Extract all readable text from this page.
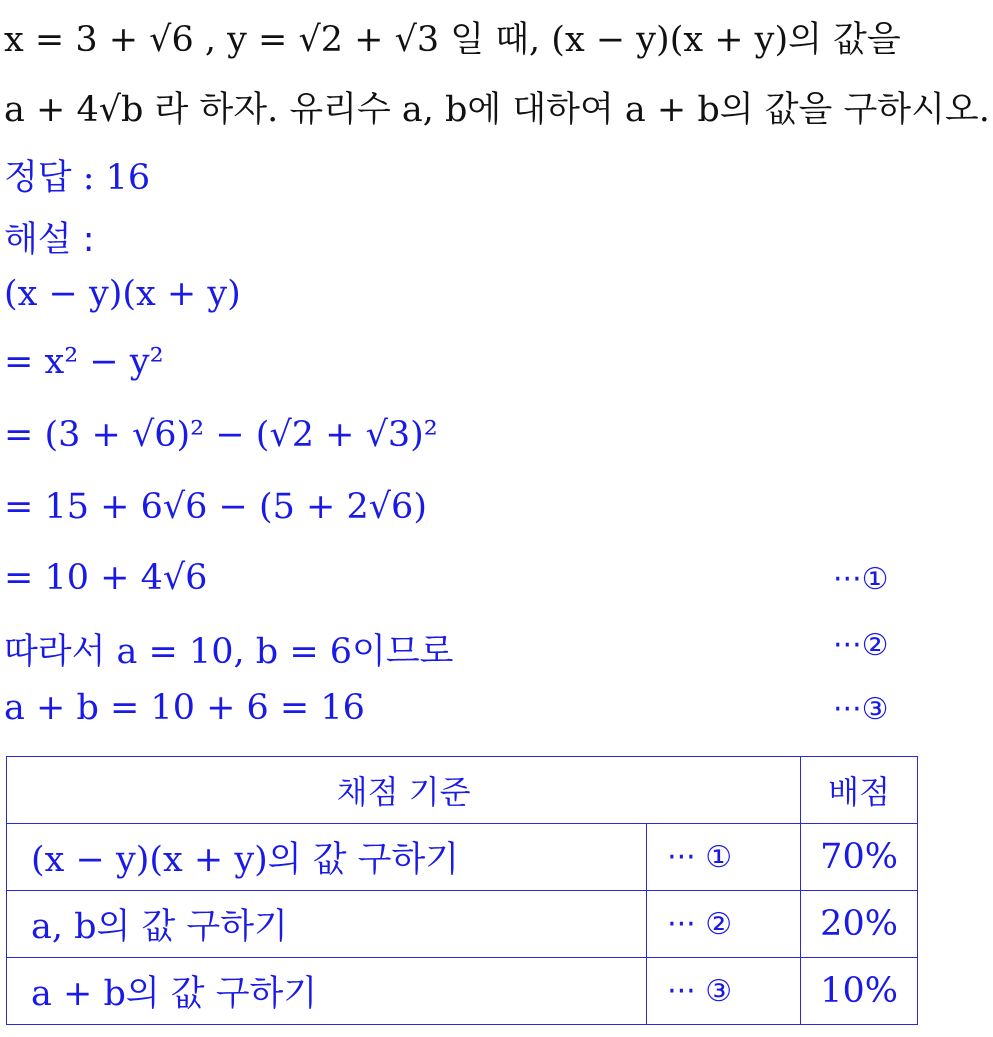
x = 3 + √6 , y = √2 + √3 일 때, (x − y)(x + y)의 값을
a + 4√b 라 하자. 유리수 a, b에 대하여 a + b의 값을 구하시오.
정답 : 16
해설 :
(x − y)(x + y)
= x² − y²
= (3 + √6)² − (√2 + √3)²
= 15 + 6√6 − (5 + 2√6)
= 10 + 4√6
따라서 a = 10, b = 6이므로
a + b = 10 + 6 = 16
···①
···②
···③
채점 기준		배점
(x − y)(x + y)의 값 구하기	··· ①	70%
a, b의 값 구하기	··· ②	20%
a + b의 값 구하기	··· ③	10%
